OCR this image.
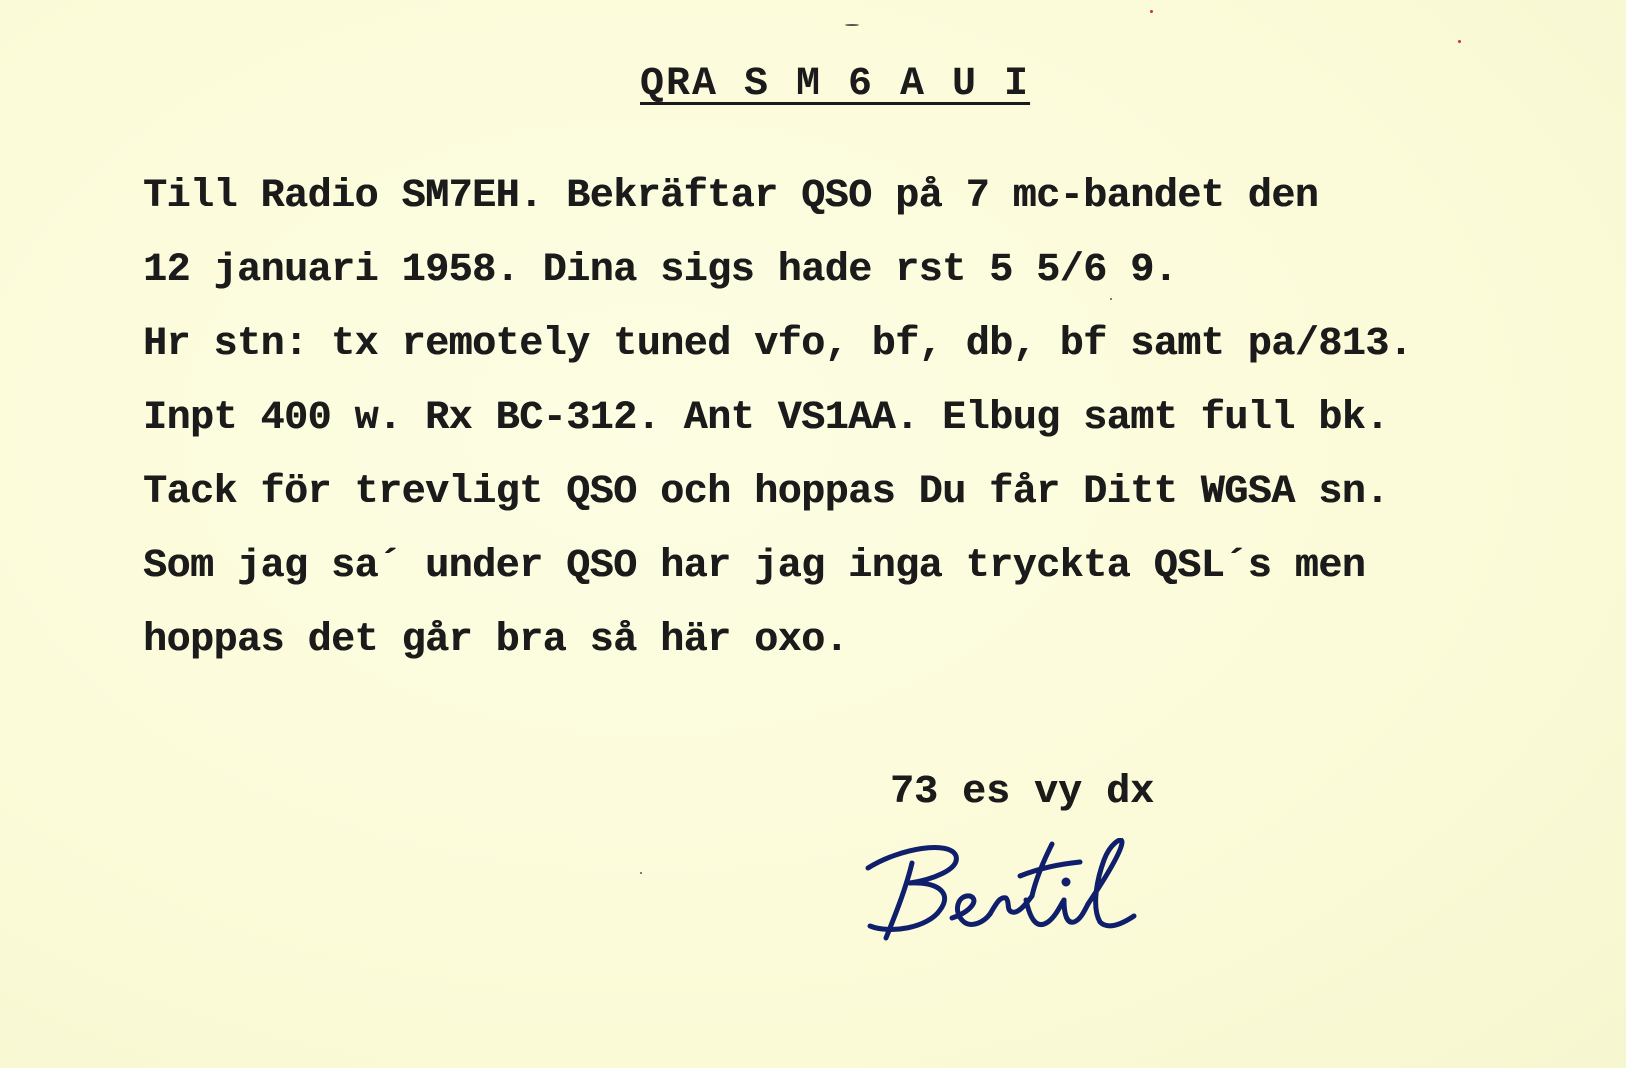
QRA S M 6 A U I
Till Radio SM7EH. Bekräftar QSO på 7 mc-bandet den
12 januari 1958. Dina sigs hade rst 5 5/6 9.
Hr stn: tx remotely tuned vfo, bf, db, bf samt pa/813.
Inpt 400 w. Rx BC-312. Ant VS1AA. Elbug samt full bk.
Tack för trevligt QSO och hoppas Du får Ditt WGSA sn.
Som jag sa´ under QSO har jag inga tryckta QSL´s men
hoppas det går bra så här oxo.
73 es vy dx
